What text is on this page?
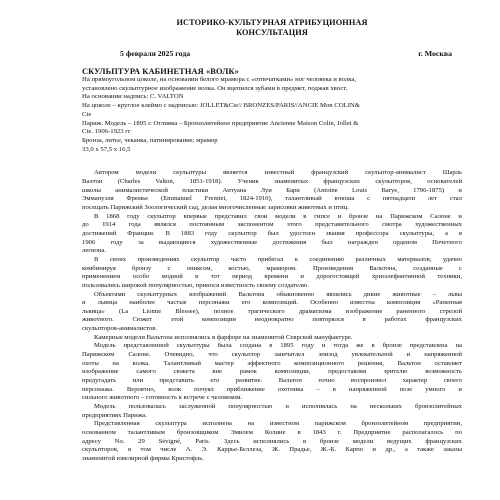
ИСТОРИКО-КУЛЬТУРНАЯ АТРИБУЦИОННАЯ
КОНСУЛЬТАЦИЯ
5 февраля 2025 года	г. Москва
СКУЛЬПТУРА КАБИНЕТНАЯ «ВОЛК»
На прямоугольном цоколе, на основании белого мрамора с «отпечатками» ног человека и волка,
установлено скульптурное изображение волка. Он вцепился зубами в предмет, поджав хвост.
На основании надпись: C. VALTON
На цоколе – круглое клеймо с надписью: JOLLET&Cie// BRONZES/PARIS//ANCIE Mon COLIN&
Cie
Париж. Модель – 1895 г. Отливка – Бронзолитейное предприятие Ancienne Maison Colin, Jollet &
Cie. 1906-1923 гг
Бронза, литье, чеканка, патинирование; мрамор
33,0 х 57,5 х 16,5
Автором модели скульптуры является известный французский скульптор-анималист Шарль
Валтон (Charles Valton, 1851-1918). Ученик знаменитых французских скульпторов, основателей
школы анималистической пластики Антуана Луи Бари (Antoine Louis Barye, 1796-1875) и
Эммануэля Фремье (Emmanuel Fremiet, 1824-1910), талантливый юноша с пятнадцати лет стал
посещать Парижский Зоологический сад, делая многочисленные зарисовки животных и птиц.
В 1868 году скульптор впервые представил свои модели в гипсе и бронзе на Парижском Салоне и
до 1914 года являлся постоянным экспонентом этого представительного смотра художественных
достижений Франции. В 1883 году скульптор был удостоен звания профессора скульптуры, а в
1906 году за выдающиеся художественные достижения был награжден орденом Почетного
легиона.
В своих произведениях скульптор часто прибегал к соединению различных материалов, удачно
комбинируя бронзу с ониксом, костью, мрамором. Произведения Вальтона, созданные с
применением особо модной в тот период времени и дорогостоящей хризэлефантинной техники,
пользовались широкой популярностью, принося известность своему создателю.
Объектами скульптурных изображений Вальтона обыкновенно являлись дикие животные – львы
и львица наиболее частые персонажи его композиций. Особенно известна композиция «Раненная
львица» (La Lionne Blessee), полное трагического драматизма изображение раненного стрелой
животного. Сюжет этой композиции неоднократно повторялся в работах французских
скульпторов-анималистов.
Камерные модели Вальтона исполнялись в фарфоре на знаменитой Севрской мануфактуре.
Модель представленной скульптуры была создана в 1895 году и тогда же в бронзе представлена на
Парижском Салоне. Очевидно, что скульптор запечатлел эпизод увлекательной и напряженной
охоты на волка. Талантливый мастер эффектного композиционного решения, Вальтон оставляет
изображение самого сюжета вне рамок композиции, предоставляя зрителю возможность
предугадать или представить его развитие. Вальтон точно воспроизвел характер своего
персонажа. Вероятно, волк почуял приближение охотника – в напряженной позе умного и
сильного животного – готовность к встрече с человеком.
Модель пользовалась заслуженной популярностью и исполнялась на нескольких бронзолитейных
предприятиях Парижа.
Представленная скульптура исполнена на известном парижском бронзолитейном предприятии,
основанном талантливым бронзовщиком Эмилем Колине в 1843 г. Предприятие располагалось по
адресу No. 29 Sévigné, Paris. Здесь исполнялись в бронзе модели ведущих французских
скульпторов, в том числе А. Э. Каррье-Беллеза, Ж. Прадье, Ж.-Б. Карпо и др., а также заказы
знаменитой ювелирной фирмы Кристофль.
